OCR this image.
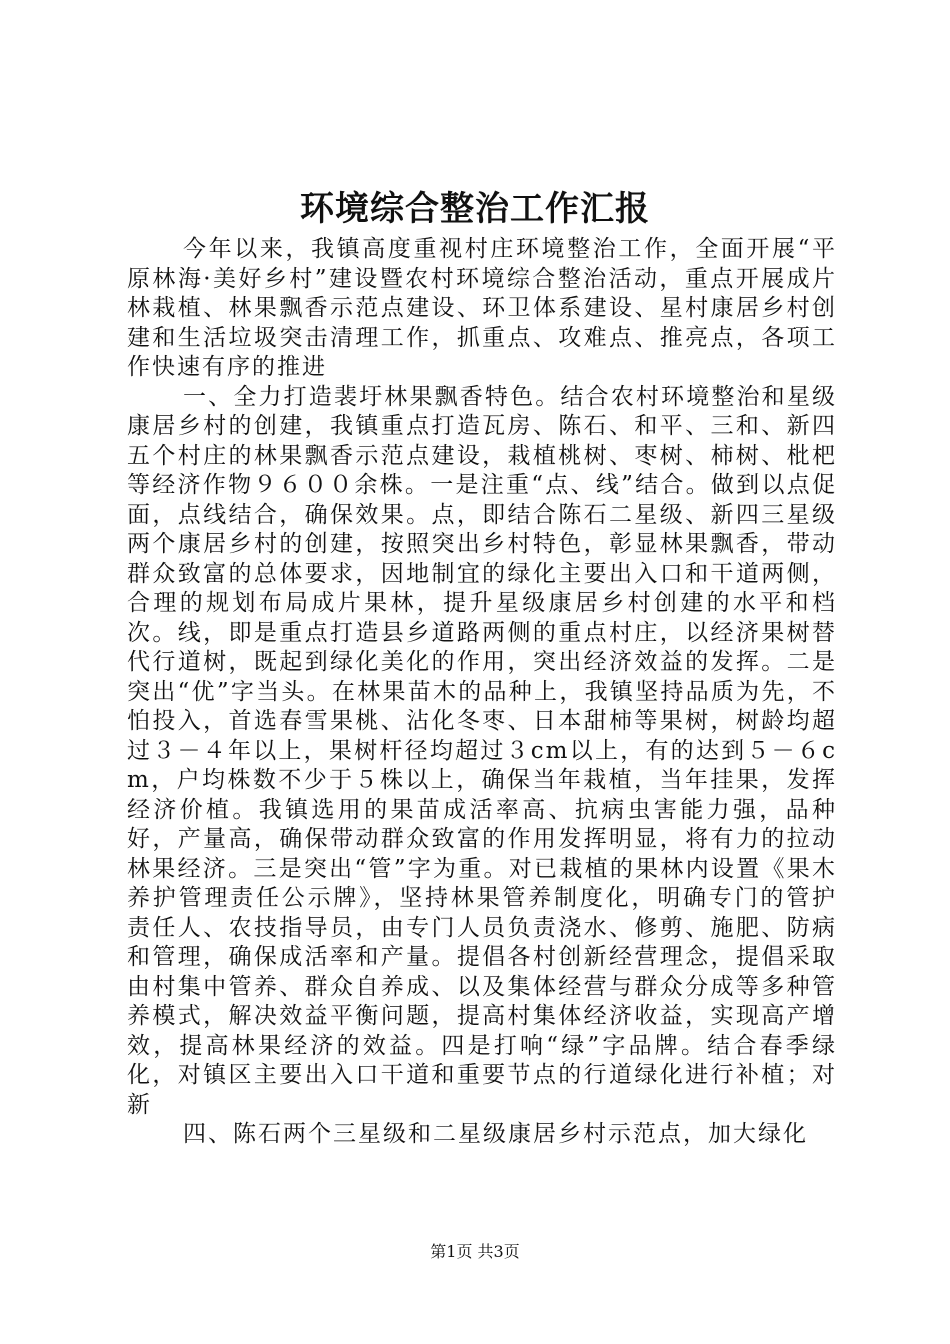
环境综合整治工作汇报

今年以来，我镇高度重视村庄环境整治工作，全面开展“平原林海·美好乡村”建设暨农村环境综合整治活动，重点开展成片林栽植、林果飘香示范点建设、环卫体系建设、星村康居乡村创建和生活垃圾突击清理工作，抓重点、攻难点、推亮点，各项工作快速有序的推进

一、全力打造裴圩林果飘香特色。结合农村环境整治和星级康居乡村的创建，我镇重点打造瓦房、陈石、和平、三和、新四五个村庄的林果飘香示范点建设，栽植桃树、枣树、柿树、枇杷等经济作物９６００余株。一是注重“点、线”结合。做到以点促面，点线结合，确保效果。点，即结合陈石二星级、新四三星级两个康居乡村的创建，按照突出乡村特色，彰显林果飘香，带动群众致富的总体要求，因地制宜的绿化主要出入口和干道两侧，合理的规划布局成片果林，提升星级康居乡村创建的水平和档次。线，即是重点打造县乡道路两侧的重点村庄，以经济果树替代行道树，既起到绿化美化的作用，突出经济效益的发挥。二是突出“优”字当头。在林果苗木的品种上，我镇坚持品质为先，不怕投入，首选春雪果桃、沾化冬枣、日本甜柿等果树，树龄均超过３－４年以上，果树杆径均超过３cm以上，有的达到５－６cm，户均株数不少于５株以上，确保当年栽植，当年挂果，发挥经济价植。我镇选用的果苗成活率高、抗病虫害能力强，品种好，产量高，确保带动群众致富的作用发挥明显，将有力的拉动林果经济。三是突出“管”字为重。对已栽植的果林内设置《果木养护管理责任公示牌》，坚持林果管养制度化，明确专门的管护责任人、农技指导员，由专门人员负责浇水、修剪、施肥、防病和管理，确保成活率和产量。提倡各村创新经营理念，提倡采取由村集中管养、群众自养成、以及集体经营与群众分成等多种管养模式，解决效益平衡问题，提高村集体经济收益，实现高产增效，提高林果经济的效益。四是打响“绿”字品牌。结合春季绿化，对镇区主要出入口干道和重要节点的行道绿化进行补植；对新

四、陈石两个三星级和二星级康居乡村示范点，加大绿化

第1页 共3页
